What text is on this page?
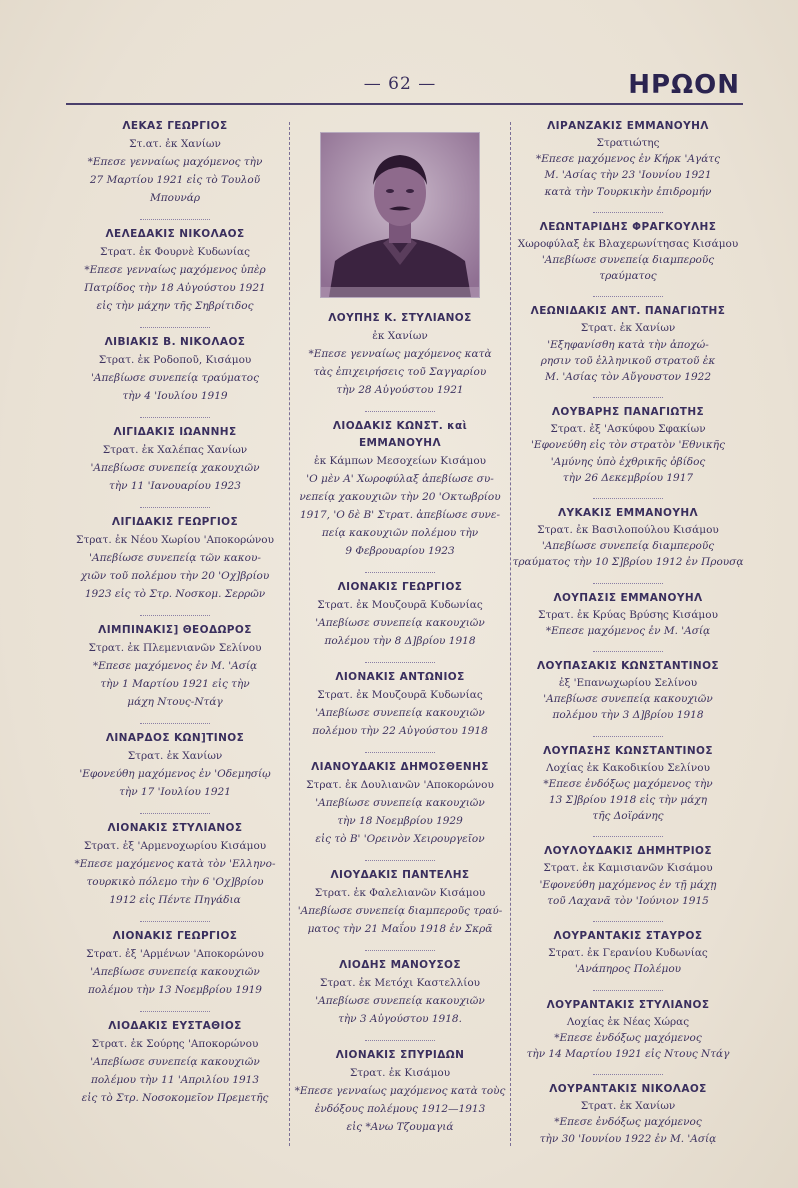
— 62 —	ΗΡΩΟΝ
ΛΕΚΑΣ ΓΕΩΡΓΙΟΣ
Στ.ατ. ἐκ Χανίων
*Επεσε γενναίως μαχόμενος τὴν
27 Μαρτίου 1921 εἰς τὸ Τουλοῦ
Μπουνάρ
ΛΕΛΕΔΑΚΙΣ ΝΙΚΟΛΑΟΣ
Στρατ. ἐκ Φουρνὲ Κυδωνίας
*Επεσε γενναίως μαχόμενος ὑπὲρ
Πατρίδος τὴν 18 Αὐγούστου 1921
εἰς τὴν μάχην τῆς Σηβρίτιδος
ΛΙΒΙΑΚΙΣ Β. ΝΙΚΟΛΑΟΣ
Στρατ. ἐκ Ροδοποῦ, Κισάμου
'Απεβίωσε συνεπείᾳ τραύματος
τὴν 4 'Ιουλίου 1919
ΛΙΓΙΔΑΚΙΣ ΙΩΑΝΝΗΣ
Στρατ. ἐκ Χαλέπας Χανίων
'Απεβίωσε συνεπείᾳ χακουχιῶν
τὴν 11 'Ιανουαρίου 1923
ΛΙΓΙΔΑΚΙΣ ΓΕΩΡΓΙΟΣ
Στρατ. ἐκ Νέου Χωρίου 'Αποκορώνου
'Απεβίωσε συνεπείᾳ τῶν κακου-
χιῶν τοῦ πολέμου τὴν 20 'Οχ]βρίου
1923 εἰς τὸ Στρ. Νοσκομ. Σερρῶν
ΛΙΜΠΙΝΑΚΙΣ] ΘΕΟΔΩΡΟΣ
Στρατ. ἐκ Πλεμενιανῶν Σελίνου
*Επεσε μαχόμενος ἐν Μ. 'Ασίᾳ
τὴν 1 Μαρτίου 1921 εἰς τὴν
μάχη Ντους-Ντάγ
ΛΙΝΑΡΔΟΣ ΚΩΝ]ΤΙΝΟΣ
Στρατ. ἐκ Χανίων
'Εφονεύθη μαχόμενος ἐν 'Οδεμησίῳ
τὴν 17 'Ιουλίου 1921
ΛΙΟΝΑΚΙΣ ΣΤΥΛΙΑΝΟΣ
Στρατ. ἐξ 'Αρμενοχωρίου Κισάμου
*Επεσε μαχόμενος κατὰ τὸν 'Ελληνο-
τουρκικὸ πόλεμο τὴν 6 'Οχ]βρίου
1912 εἰς Πέντε Πηγάδια
ΛΙΟΝΑΚΙΣ ΓΕΩΡΓΙΟΣ
Στρατ. ἐξ 'Αρμένων 'Αποκορώνου
'Απεβίωσε συνεπείᾳ κακουχιῶν
πολέμου τὴν 13 Νοεμβρίου 1919
ΛΙΟΔΑΚΙΣ ΕΥΣΤΑΘΙΟΣ
Στρατ. ἐκ Σούρης 'Αποκορώνου
'Απεβίωσε συνεπείᾳ κακουχιῶν
πολέμου τὴν 11 'Απριλίου 1913
εἰς τὸ Στρ. Νοσοκομεῖον Πρεμετῆς
ΛΟΥΠΗΣ Κ. ΣΤΥΛΙΑΝΟΣ
ἐκ Χανίων
*Επεσε γενναίως μαχόμενος κατὰ
τὰς ἐπιχειρήσεις τοῦ Σαγγαρίου
τὴν 28 Αὐγούστου 1921
ΛΙΟΔΑΚΙΣ ΚΩΝΣΤ. καὶ ΕΜΜΑΝΟΥΗΛ
ἐκ Κάμπων Μεσοχείων Κισάμου
'Ο μὲν Α' Χωροφύλαξ ἀπεβίωσε συ-
νεπείᾳ χακουχιῶν τὴν 20 'Οκτωβρίου
1917, 'Ο δὲ Β' Στρατ. ἀπεβίωσε συνε-
πείᾳ κακουχιῶν πολέμου τὴν
9 Φεβρουαρίου 1923
ΛΙΟΝΑΚΙΣ ΓΕΩΡΓΙΟΣ
Στρατ. ἐκ Μουζουρᾶ Κυδωνίας
'Απεβίωσε συνεπείᾳ κακουχιῶν
πολέμου τὴν 8 Δ]βρίου 1918
ΛΙΟΝΑΚΙΣ ΑΝΤΩΝΙΟΣ
Στρατ. ἐκ Μουζουρᾶ Κυδωνίας
'Απεβίωσε συνεπείᾳ κακουχιῶν
πολέμου τὴν 22 Αὐγούστου 1918
ΛΙΑΝΟΥΔΑΚΙΣ ΔΗΜΟΣΘΕΝΗΣ
Στρατ. ἐκ Δουλιανῶν 'Αποκορώνου
'Απεβίωσε συνεπείᾳ κακουχιῶν
τὴν 18 Νοεμβρίου 1929
εἰς τὸ Β' 'Ορεινὸν Χειρουργεῖον
ΛΙΟΥΔΑΚΙΣ ΠΑΝΤΕΛΗΣ
Στρατ. ἐκ Φαλελιανῶν Κισάμου
'Απεβίωσε συνεπείᾳ διαμπεροῦς τραύ-
ματος τὴν 21 Μαΐου 1918 ἐν Σκρᾶ
ΛΙΟΔΗΣ ΜΑΝΟΥΣΟΣ
Στρατ. ἐκ Μετόχι Καστελλίου
'Απεβίωσε συνεπείᾳ κακουχιῶν
τὴν 3 Αὐγούστου 1918.
ΛΙΟΝΑΚΙΣ ΣΠΥΡΙΔΩΝ
Στρατ. ἐκ Κισάμου
*Επεσε γενναίως μαχόμενος κατὰ τοὺς
ἐνδόξους πολέμους 1912—1913
εἰς *Ανω Τζουμαγιά
ΛΙΡΑΝΖΑΚΙΣ ΕΜΜΑΝΟΥΗΛ
Στρατιώτης
*Επεσε μαχόμενος ἐν Κήρκ 'Αγάτς
Μ. 'Ασίας τὴν 23 'Ιουνίου 1921
κατὰ τὴν Τουρκικὴν ἐπιδρομήν
ΛΕΩΝΤΑΡΙΔΗΣ ΦΡΑΓΚΟΥΛΗΣ
Χωροφύλαξ ἐκ Βλαχερωνίτησας Κισάμου
'Απεβίωσε συνεπείᾳ διαμπεροῦς
τραύματος
ΛΕΩΝΙΔΑΚΙΣ ΑΝΤ. ΠΑΝΑΓΙΩΤΗΣ
Στρατ. ἐκ Χανίων
'Εξηφανίσθη κατὰ τὴν ἀποχώ-
ρησιν τοῦ ἑλληνικοῦ στρατοῦ ἐκ
Μ. 'Ασίας τὸν Αὔγουστον 1922
ΛΟΥΒΑΡΗΣ ΠΑΝΑΓΙΩΤΗΣ
Στρατ. ἐξ 'Ασκύφου Σφακίων
'Εφονεύθη εἰς τὸν στρατὸν 'Εθνικῆς
'Αμύνης ὑπὸ ἐχθρικῆς ὀβίδος
τὴν 26 Δεκεμβρίου 1917
ΛΥΚΑΚΙΣ ΕΜΜΑΝΟΥΗΛ
Στρατ. ἐκ Βασιλοπούλου Κισάμου
'Απεβίωσε συνεπείᾳ διαμπεροῦς
τραύματος τὴν 10 Σ]βρίου 1912 ἐν Προυσᾳ
ΛΟΥΠΑΣΙΣ ΕΜΜΑΝΟΥΗΛ
Στρατ. ἐκ Κρύας Βρύσης Κισάμου
*Επεσε μαχόμενος ἐν Μ. 'Ασίᾳ
ΛΟΥΠΑΣΑΚΙΣ ΚΩΝΣΤΑΝΤΙΝΟΣ
ἐξ 'Επανωχωρίου Σελίνου
'Απεβίωσε συνεπείᾳ κακουχιῶν
πολέμου τὴν 3 Δ]βρίου 1918
ΛΟΥΠΑΣΗΣ ΚΩΝΣΤΑΝΤΙΝΟΣ
Λοχίας ἐκ Κακοδικίου Σελίνου
*Επεσε ἐνδόξως μαχόμενος τὴν
13 Σ]βρίου 1918 εἰς τὴν μάχη
τῆς Δοϊράνης
ΛΟΥΛΟΥΔΑΚΙΣ ΔΗΜΗΤΡΙΟΣ
Στρατ. ἐκ Καμισιανῶν Κισάμου
'Εφονεύθη μαχόμενος ἐν τῇ μάχῃ
τοῦ Λαχανᾶ τὸν 'Ιούνιον 1915
ΛΟΥΡΑΝΤΑΚΙΣ ΣΤΑΥΡΟΣ
Στρατ. ἐκ Γερανίου Κυδωνίας
'Ανάπηρος Πολέμου
ΛΟΥΡΑΝΤΑΚΙΣ ΣΤΥΛΙΑΝΟΣ
Λοχίας ἐκ Νέας Χώρας
*Επεσε ἐνδόξως μαχόμενος
τὴν 14 Μαρτίου 1921 εἰς Ντους Ντάγ
ΛΟΥΡΑΝΤΑΚΙΣ ΝΙΚΟΛΑΟΣ
Στρατ. ἐκ Χανίων
*Επεσε ἐνδόξως μαχόμενος
τὴν 30 'Ιουνίου 1922 ἐν Μ. 'Ασίᾳ
